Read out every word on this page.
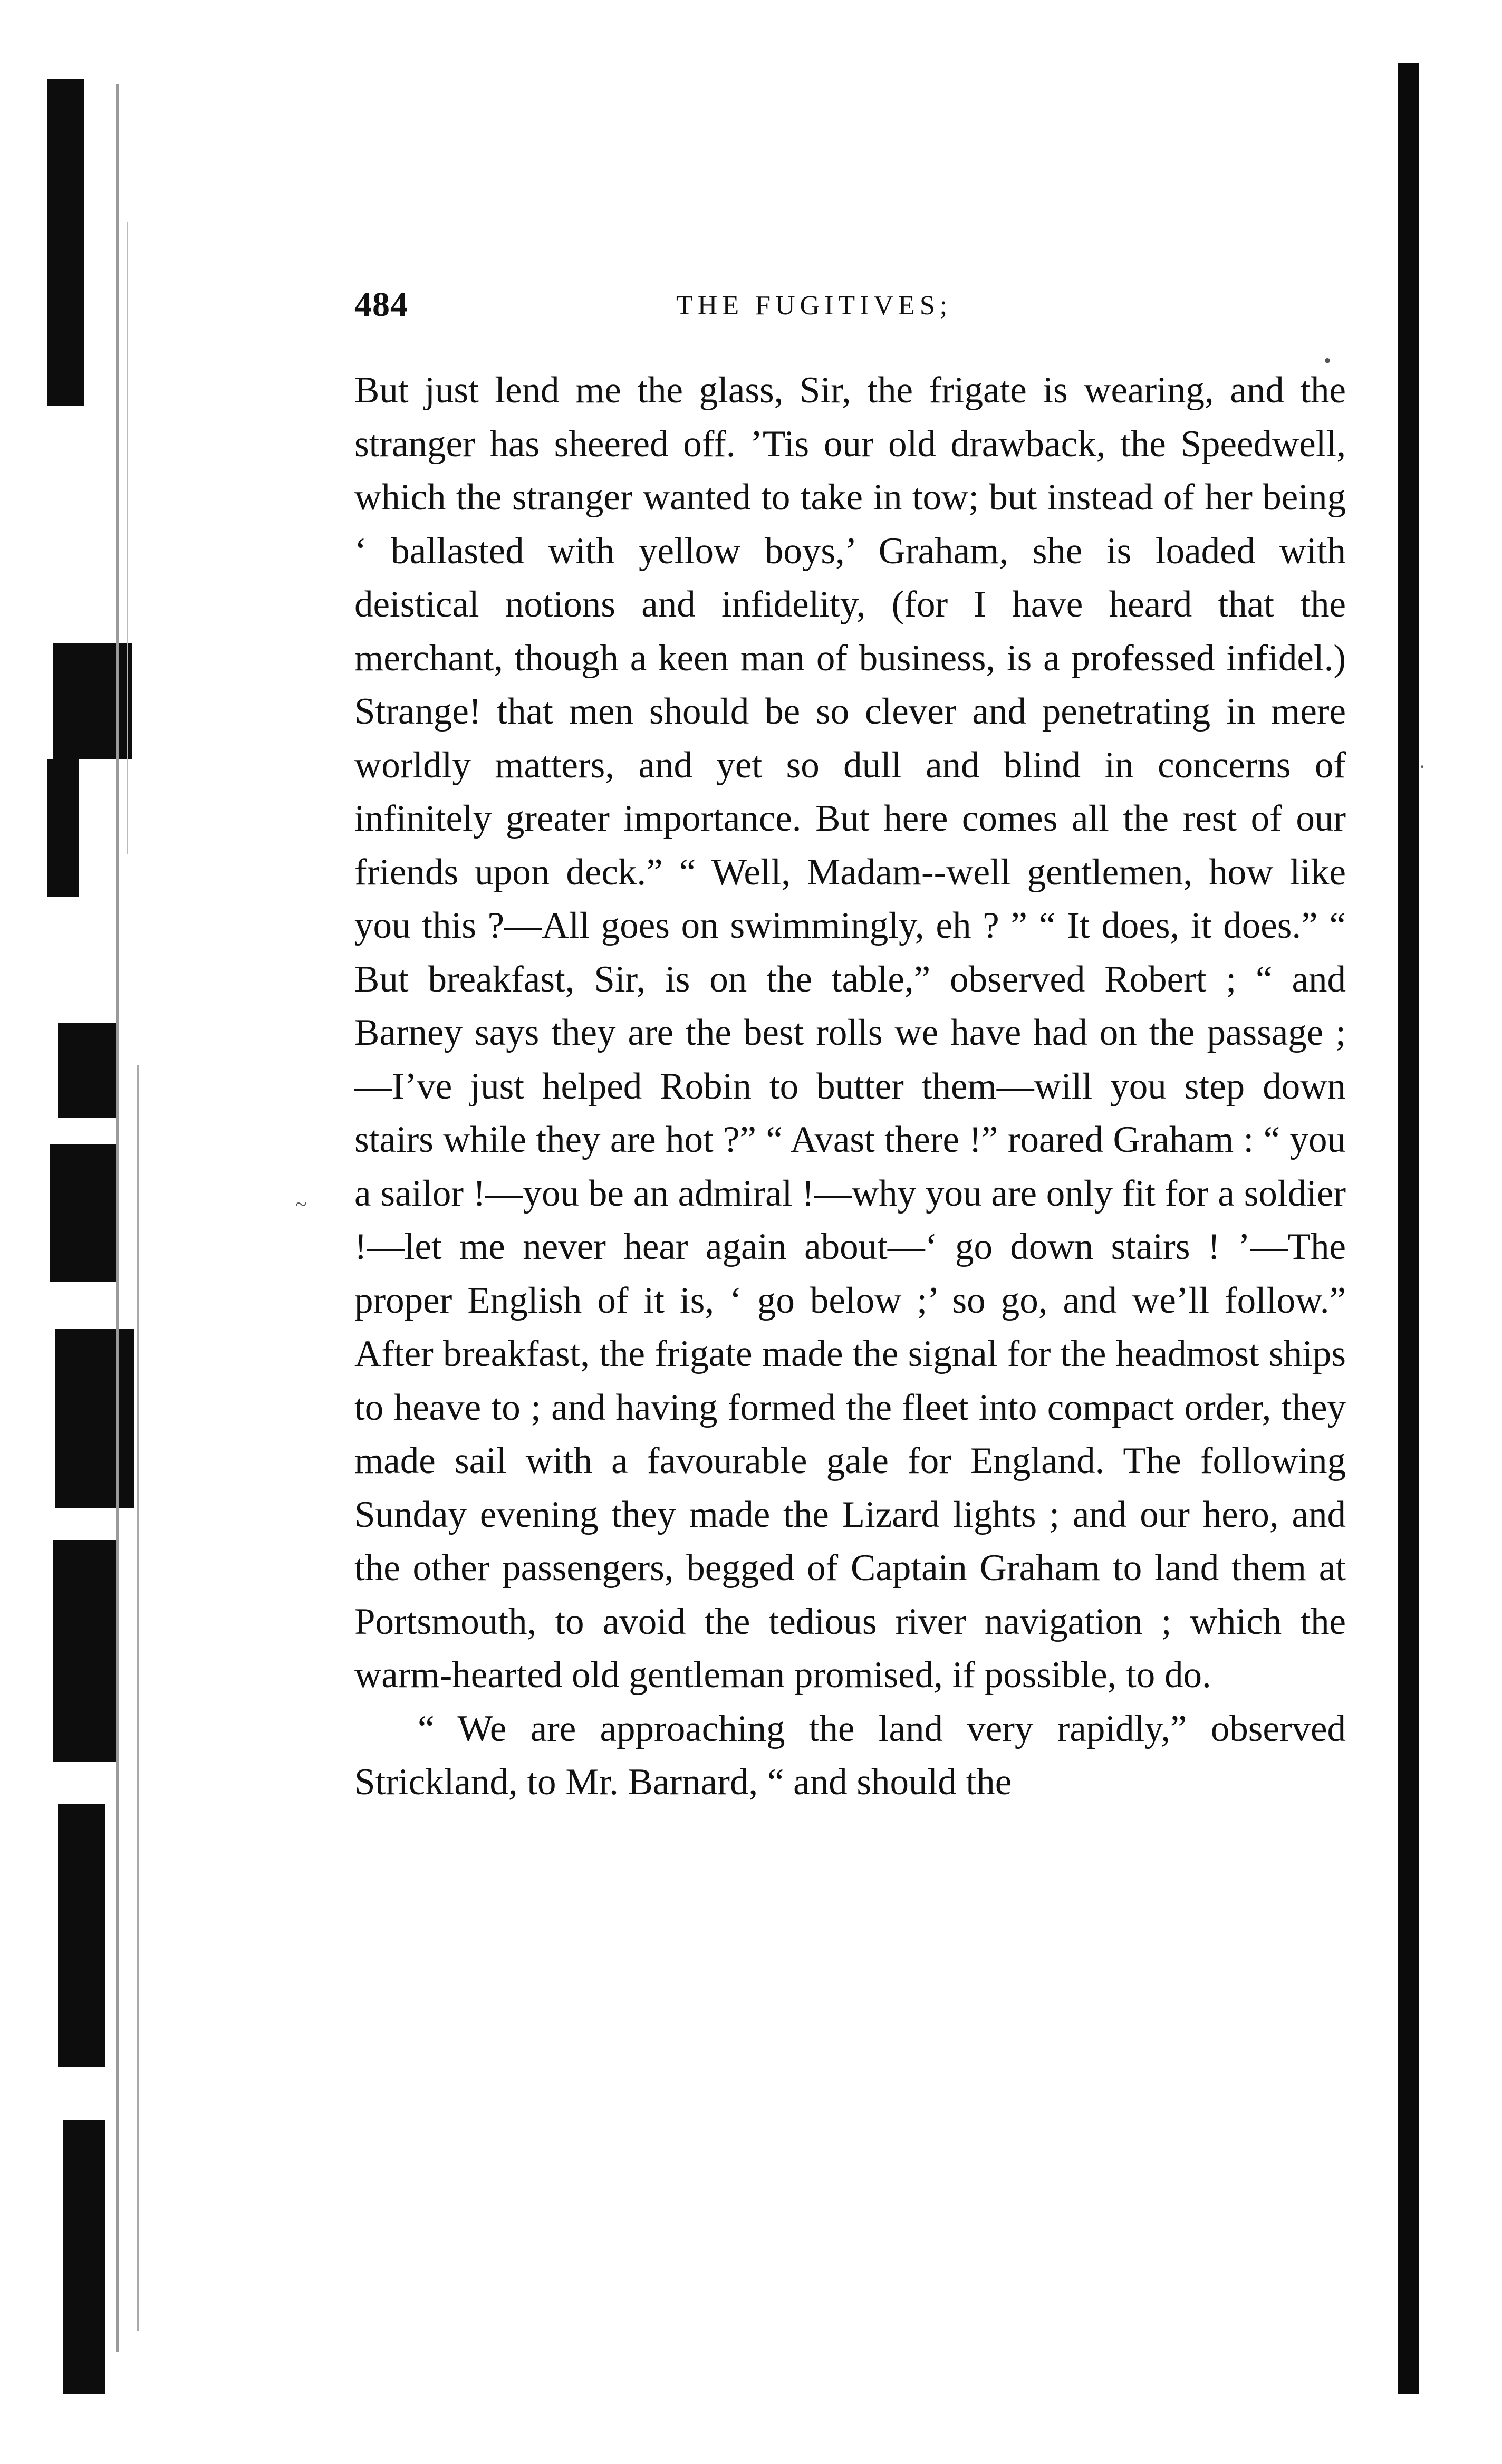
•
·
~
484	THE FUGITIVES;

But just lend me the glass, Sir, the frigate is wearing, and the stranger has sheered off. ’Tis our old drawback, the Speedwell, which the stranger wanted to take in tow; but instead of her being ‘ ballasted with yellow boys,’ Graham, she is loaded with deistical notions and infidelity, (for I have heard that the merchant, though a keen man of business, is a professed infidel.) Strange! that men should be so clever and penetrating in mere worldly matters, and yet so dull and blind in concerns of infinitely greater importance. But here comes all the rest of our friends upon deck.” “ Well, Madam--well gentlemen, how like you this ?—All goes on swimmingly, eh ? ” “ It does, it does.” “ But breakfast, Sir, is on the table,” observed Robert ; “ and Barney says they are the best rolls we have had on the passage ;—I’ve just helped Robin to butter them—will you step down stairs while they are hot ?” “ Avast there !” roared Graham : “ you a sailor !—you be an admiral !—why you are only fit for a soldier !—let me never hear again about—‘ go down stairs ! ’—The proper English of it is, ‘ go below ;’ so go, and we’ll follow.” After breakfast, the frigate made the signal for the headmost ships to heave to ; and having formed the fleet into compact order, they made sail with a favourable gale for England. The following Sunday evening they made the Lizard lights ; and our hero, and the other passengers, begged of Captain Graham to land them at Portsmouth, to avoid the tedious river navigation ; which the warm-hearted old gentleman promised, if possible, to do.

“ We are approaching the land very rapidly,” observed Strickland, to Mr. Barnard, “ and should the
